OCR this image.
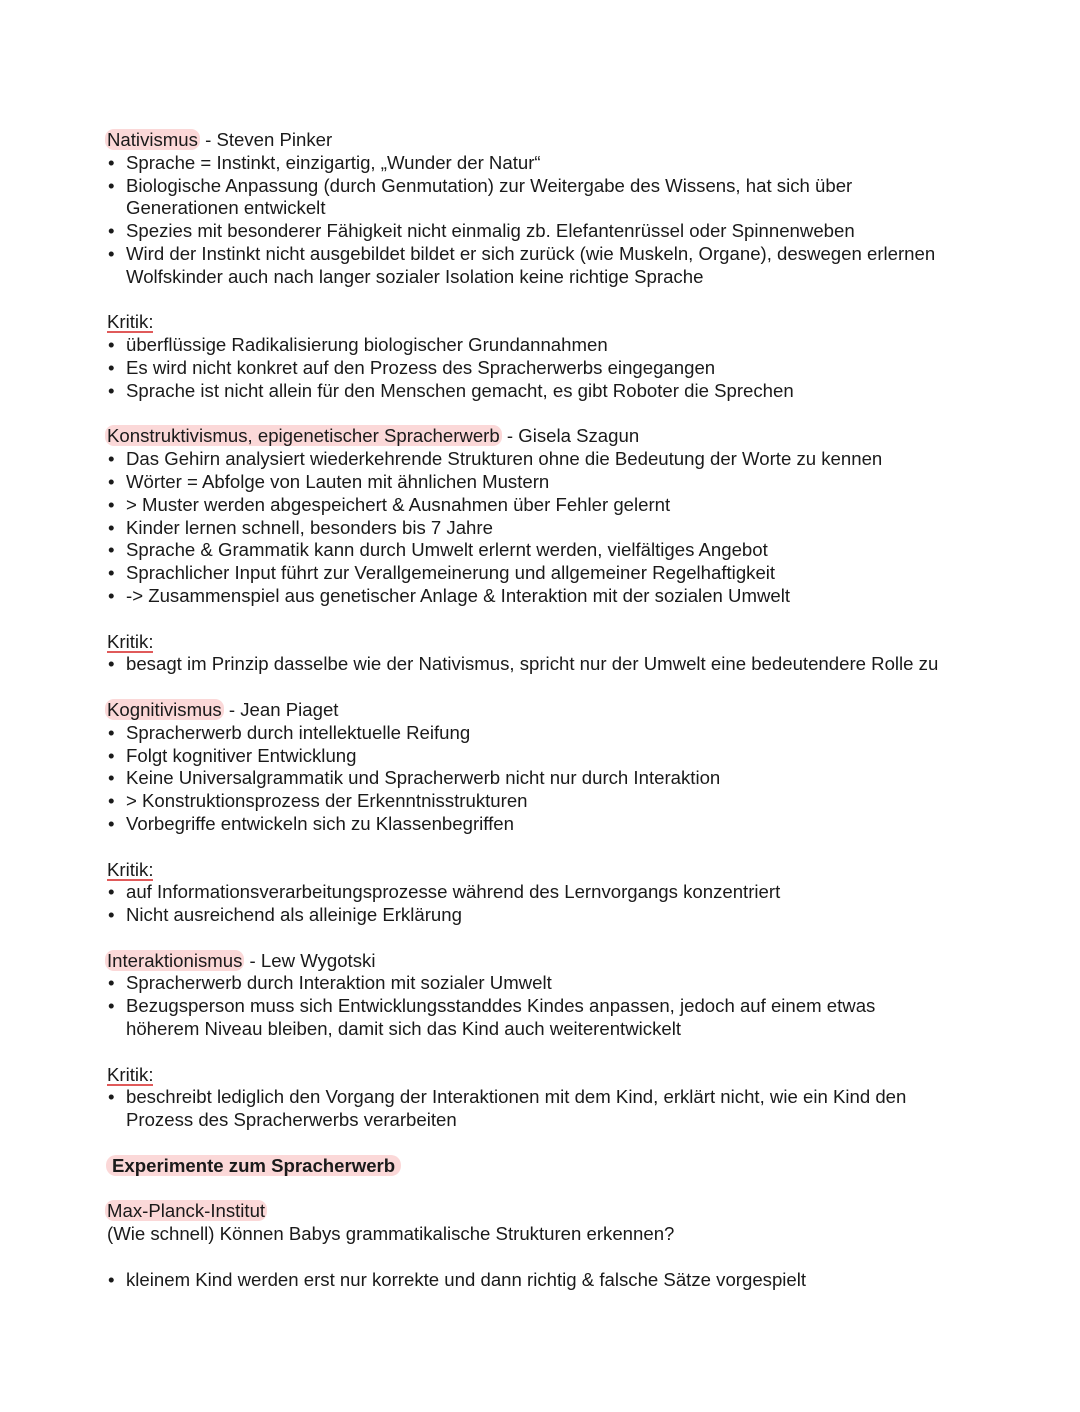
Nativismus - Steven Pinker
• Sprache = Instinkt, einzigartig, „Wunder der Natur“
• Biologische Anpassung (durch Genmutation) zur Weitergabe des Wissens, hat sich über
Generationen entwickelt
• Spezies mit besonderer Fähigkeit nicht einmalig zb. Elefantenrüssel oder Spinnenweben
• Wird der Instinkt nicht ausgebildet bildet er sich zurück (wie Muskeln, Organe), deswegen erlernen
Wolfskinder auch nach langer sozialer Isolation keine richtige Sprache
Kritik:
• überflüssige Radikalisierung biologischer Grundannahmen
• Es wird nicht konkret auf den Prozess des Spracherwerbs eingegangen
• Sprache ist nicht allein für den Menschen gemacht, es gibt Roboter die Sprechen
Konstruktivismus, epigenetischer Spracherwerb - Gisela Szagun
• Das Gehirn analysiert wiederkehrende Strukturen ohne die Bedeutung der Worte zu kennen
• Wörter = Abfolge von Lauten mit ähnlichen Mustern
• > Muster werden abgespeichert & Ausnahmen über Fehler gelernt
• Kinder lernen schnell, besonders bis 7 Jahre
• Sprache & Grammatik kann durch Umwelt erlernt werden, vielfältiges Angebot
• Sprachlicher Input führt zur Verallgemeinerung und allgemeiner Regelhaftigkeit
• -> Zusammenspiel aus genetischer Anlage & Interaktion mit der sozialen Umwelt
Kritik:
• besagt im Prinzip dasselbe wie der Nativismus, spricht nur der Umwelt eine bedeutendere Rolle zu
Kognitivismus - Jean Piaget
• Spracherwerb durch intellektuelle Reifung
• Folgt kognitiver Entwicklung
• Keine Universalgrammatik und Spracherwerb nicht nur durch Interaktion
• > Konstruktionsprozess der Erkenntnisstrukturen
• Vorbegriffe entwickeln sich zu Klassenbegriffen
Kritik:
• auf Informationsverarbeitungsprozesse während des Lernvorgangs konzentriert
• Nicht ausreichend als alleinige Erklärung
Interaktionismus - Lew Wygotski
• Spracherwerb durch Interaktion mit sozialer Umwelt
• Bezugsperson muss sich Entwicklungsstanddes Kindes anpassen, jedoch auf einem etwas
höherem Niveau bleiben, damit sich das Kind auch weiterentwickelt
Kritik:
• beschreibt lediglich den Vorgang der Interaktionen mit dem Kind, erklärt nicht, wie ein Kind den
Prozess des Spracherwerbs verarbeiten
Experimente zum Spracherwerb
Max-Planck-Institut
(Wie schnell) Können Babys grammatikalische Strukturen erkennen?
• kleinem Kind werden erst nur korrekte und dann richtig & falsche Sätze vorgespielt
